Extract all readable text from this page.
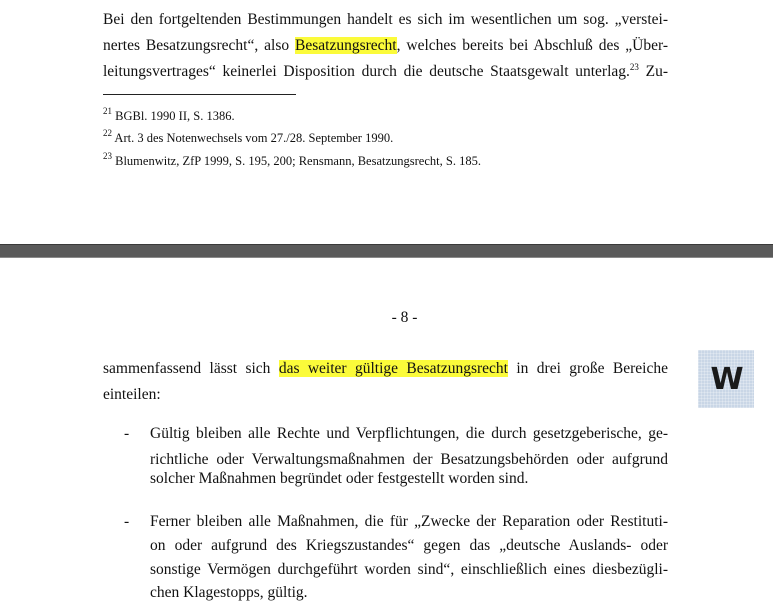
Bei den fortgeltenden Bestimmungen handelt es sich im wesentlichen um sog. „verstei-
nertes Besatzungsrecht“, also Besatzungsrecht, welches bereits bei Abschluß des „Über-
leitungsvertrages“ keinerlei Disposition durch die deutsche Staatsgewalt unterlag.$^{23}$ Zu-
$^{21}$ BGBl. 1990 II, S. 1386.
$^{22}$ Art. 3 des Notenwechsels vom 27./28. September 1990.
$^{23}$ Blumenwitz, ZfP 1999, S. 195, 200; Rensmann, Besatzungsrecht, S. 185.
- 8 -
sammenfassend lässt sich das weiter gültige Besatzungsrecht in drei große Bereiche
einteilen:
- Gültig bleiben alle Rechte und Verpflichtungen, die durch gesetzgeberische, ge-
richtliche oder Verwaltungsmaßnahmen der Besatzungsbehörden oder aufgrund
solcher Maßnahmen begründet oder festgestellt worden sind.
- Ferner bleiben alle Maßnahmen, die für „Zwecke der Reparation oder Restituti-
on oder aufgrund des Kriegszustandes“ gegen das „deutsche Auslands- oder
sonstige Vermögen durchgeführt worden sind“, einschließlich eines diesbezügli-
chen Klagestopps, gültig.
W
